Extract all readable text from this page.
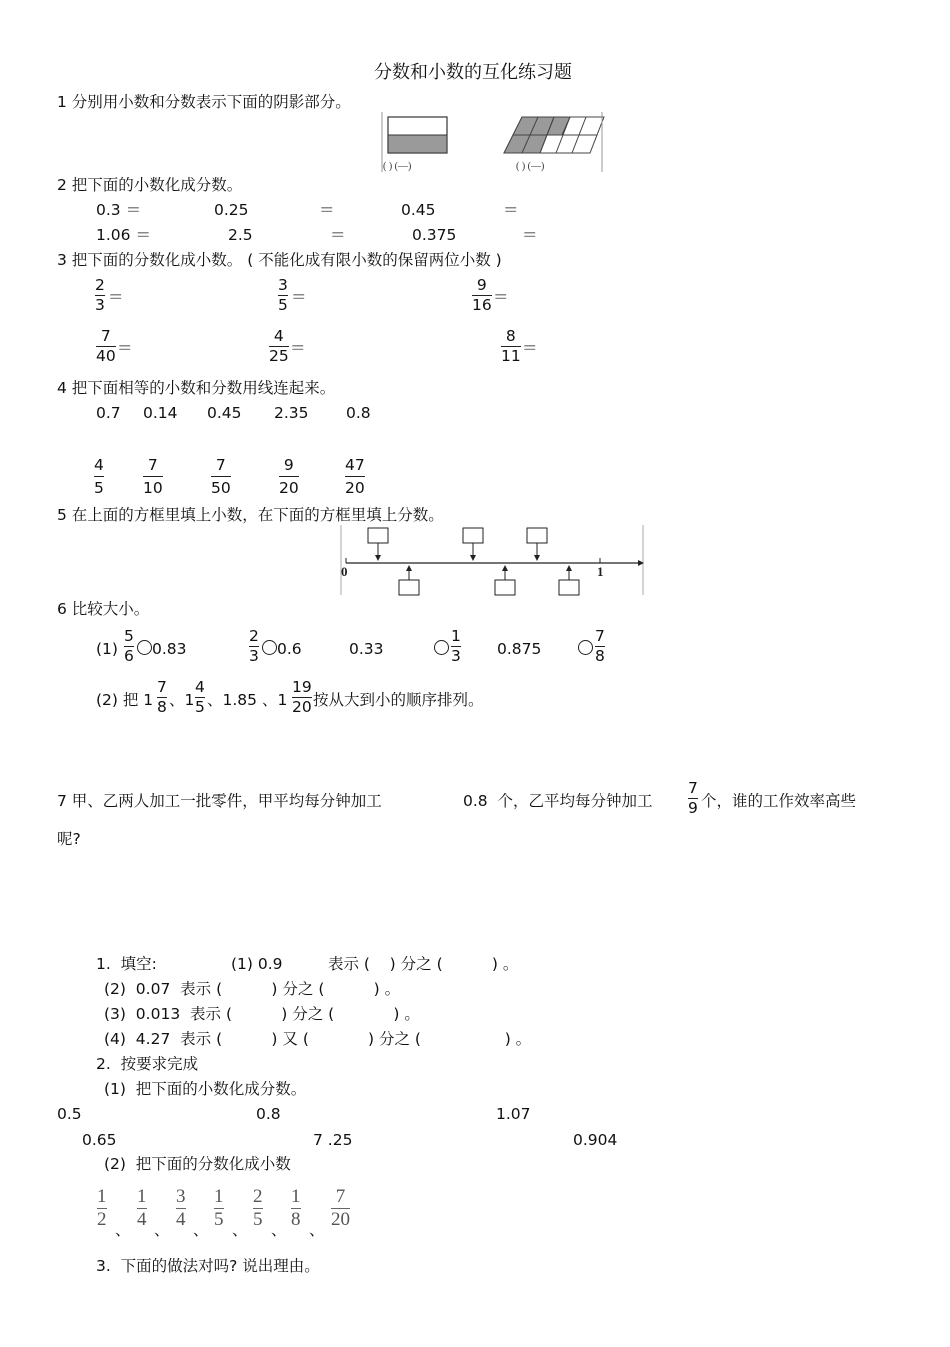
分数和小数的互化练习题
1 分别用小数和分数表示下面的阴影部分。
( ) (—)	( ) (—)
2 把下面的小数化成分数。
0.3 ＝	0.25	＝	0.45	＝
1.06 ＝	2.5	＝	0.375	＝
3 把下面的分数化成小数。 ( 不能化成有限小数的保留两位小数 )
$\frac{2}{3}$ ＝	$\frac{3}{5}$ ＝	$\frac{9}{16}$ ＝
$\frac{7}{40}$ ＝	$\frac{4}{25}$ ＝	$\frac{8}{11}$ ＝
4 把下面相等的小数和分数用线连起来。
0.7 0.14 0.45 2.35 0.8
$\frac{4}{5}$	$\frac{7}{10}$	$\frac{7}{50}$	$\frac{9}{20}$	$\frac{47}{20}$
5 在上面的方框里填上小数，在下面的方框里填上分数。
0	1
6 比较大小。
$(1) \frac{5}{6}$	0.83	$\frac{2}{3}$	0.6	0.33	$\frac{1}{3} 0.875$	$\frac{7}{8}$
(2) 把 $1 \frac{7}{8}$ 、$1 \frac{4}{5}$ 、1.85 、$1 \frac{19}{20}$ 按从大到小的顺序排列。
7 甲、乙两人加工一批零件，甲平均每分钟加工	0.8  个，乙平均每分钟加工 $\frac{7}{9}$ 个，谁的工作效率高些
呢?
1.  填空:	(1) 0.9	表示 (    ) 分之 (          ) 。
(2)  0.07  表示 (          ) 分之 (          ) 。
(3)  0.013  表示 (          ) 分之 (            ) 。
(4)  4.27  表示 (          ) 又 (            ) 分之 (                 ) 。
2.  按要求完成
(1)  把下面的小数化成分数。
0.5	0.8	1.07
0.65	7 .25	0.904
(2)  把下面的分数化成小数
1
2 、
1
4 、
3
4 、
1
5 、
2
5 、
1
8 、
7
20
3.  下面的做法对吗? 说出理由。
